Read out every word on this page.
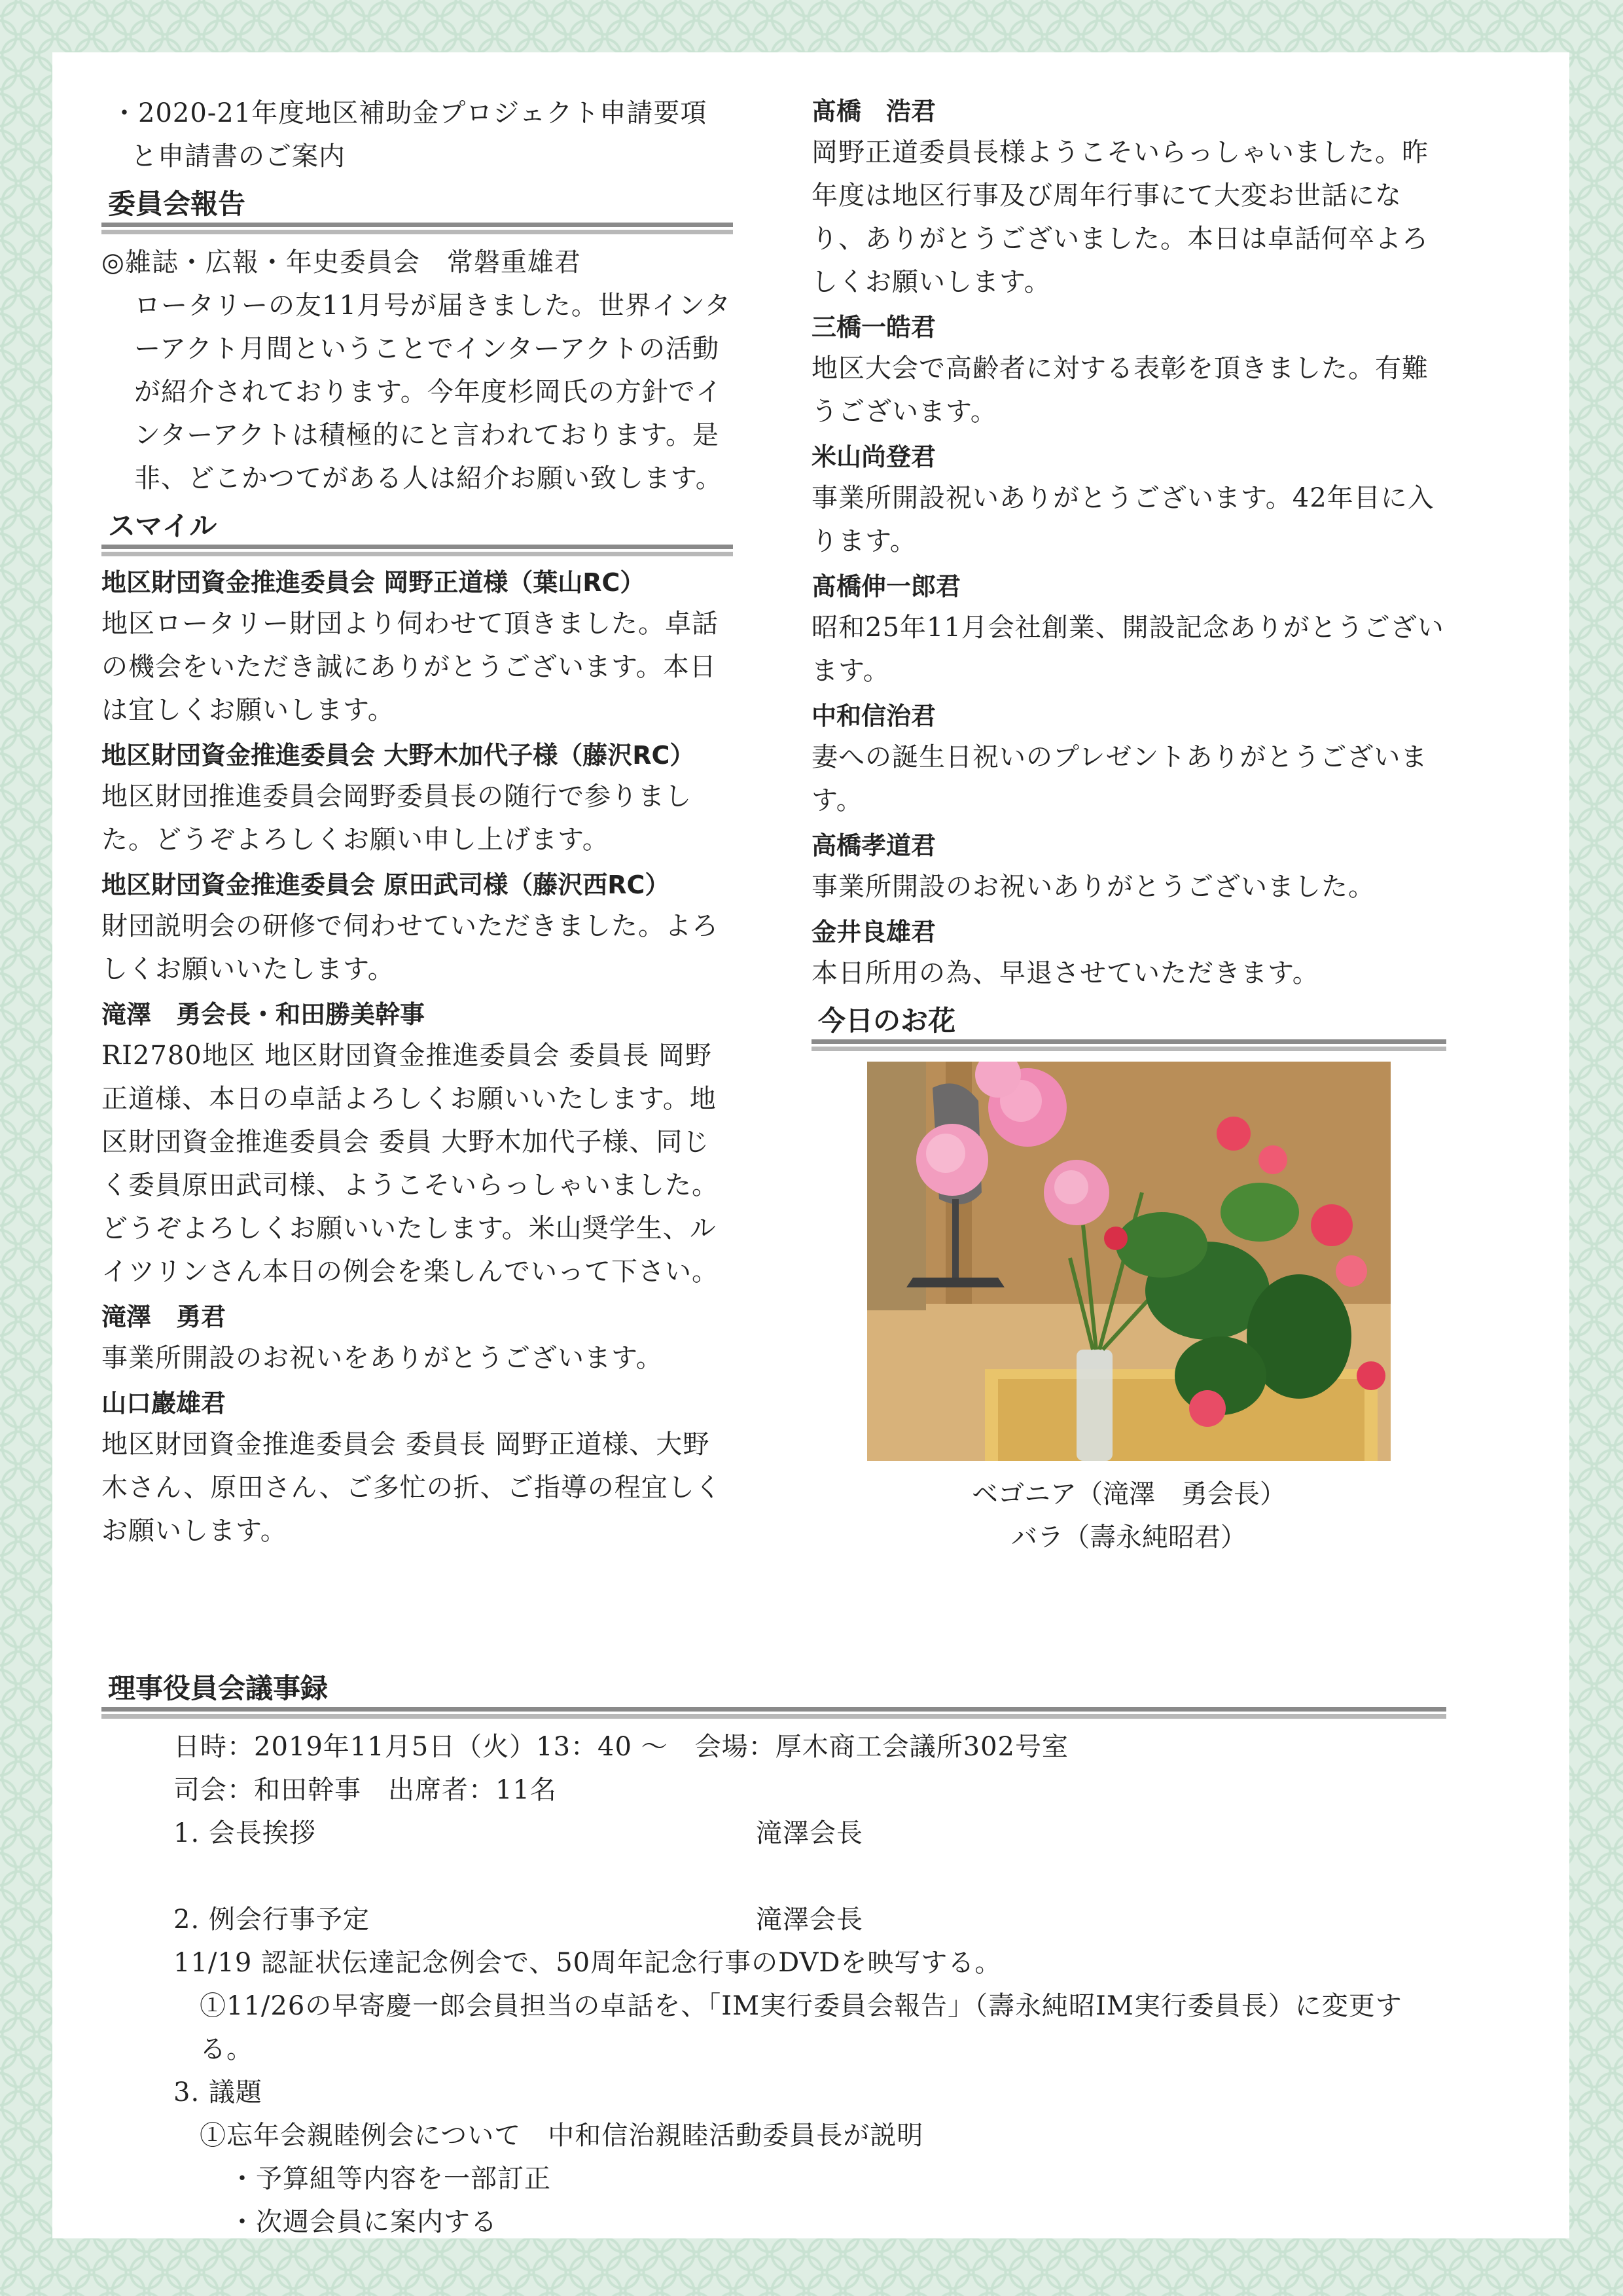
・2020-21年度地区補助金プロジェクト申請要項と申請書のご案内

委員会報告

◎雑誌・広報・年史委員会　常磐重雄君

ロータリーの友11月号が届きました。世界インターアクト月間ということでインターアクトの活動が紹介されております。今年度杉岡氏の方針でインターアクトは積極的にと言われております。是非、どこかつてがある人は紹介お願い致します。

スマイル
地区財団資金推進委員会 岡野正道様（葉山RC）

地区ロータリー財団より伺わせて頂きました。卓話の機会をいただき誠にありがとうございます。本日は宜しくお願いします。

地区財団資金推進委員会 大野木加代子様（藤沢RC）

地区財団推進委員会岡野委員長の随行で参りました。どうぞよろしくお願い申し上げます。

地区財団資金推進委員会 原田武司様（藤沢西RC）

財団説明会の研修で伺わせていただきました。よろしくお願いいたします。

滝澤　勇会長・和田勝美幹事

RI2780地区 地区財団資金推進委員会 委員長 岡野正道様、本日の卓話よろしくお願いいたします。地区財団資金推進委員会 委員 大野木加代子様、同じく委員原田武司様、ようこそいらっしゃいました。どうぞよろしくお願いいたします。米山奨学生、ルイツリンさん本日の例会を楽しんでいって下さい。

滝澤　勇君

事業所開設のお祝いをありがとうございます。

山口巖雄君

地区財団資金推進委員会 委員長 岡野正道様、大野木さん、原田さん、ご多忙の折、ご指導の程宜しくお願いします。

髙橋　浩君

岡野正道委員長様ようこそいらっしゃいました。昨年度は地区行事及び周年行事にて大変お世話になり、ありがとうございました。本日は卓話何卒よろしくお願いします。

三橋一皓君

地区大会で高齢者に対する表彰を頂きました。有難うございます。

米山尚登君

事業所開設祝いありがとうございます。42年目に入ります。

髙橋伸一郎君

昭和25年11月会社創業、開設記念ありがとうございます。

中和信治君

妻への誕生日祝いのプレゼントありがとうございます。

高橋孝道君

事業所開設のお祝いありがとうございました。

金井良雄君

本日所用の為、早退させていただきます。

今日のお花

ベゴニア（滝澤　勇会長）

バラ（壽永純昭君）

理事役員会議事録
日時：2019年11月5日（火）13：40 ～　会場：厚木商工会議所302号室
司会：和田幹事　出席者：11名
1. 会長挨拶	滝澤会長
2. 例会行事予定	滝澤会長
11/19 認証状伝達記念例会で、50周年記念行事のDVDを映写する。
①11/26の早寄慶一郎会員担当の卓話を、「IM実行委員会報告」（壽永純昭IM実行委員長）に変更する。
3. 議題
①忘年会親睦例会について　中和信治親睦活動委員長が説明
・予算組等内容を一部訂正
・次週会員に案内する
